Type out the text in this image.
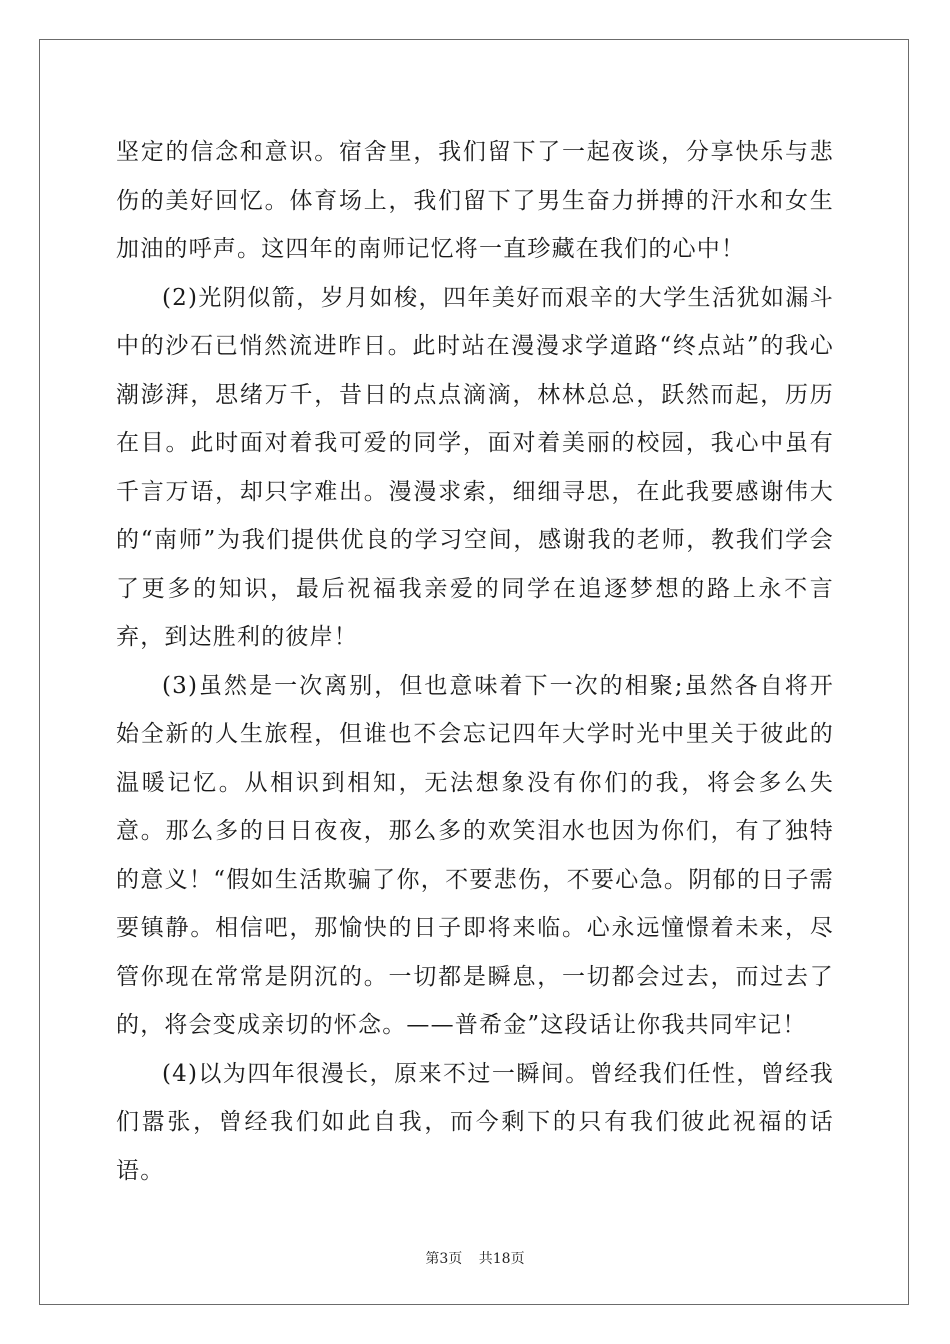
坚定的信念和意识。宿舍里，我们留下了一起夜谈，分享快乐与悲伤的美好回忆。体育场上，我们留下了男生奋力拼搏的汗水和女生加油的呼声。这四年的南师记忆将一直珍藏在我们的心中！

(2)光阴似箭，岁月如梭，四年美好而艰辛的大学生活犹如漏斗中的沙石已悄然流进昨日。此时站在漫漫求学道路“终点站”的我心潮澎湃，思绪万千，昔日的点点滴滴，林林总总，跃然而起，历历在目。此时面对着我可爱的同学，面对着美丽的校园，我心中虽有千言万语，却只字难出。漫漫求索，细细寻思，在此我要感谢伟大的“南师”为我们提供优良的学习空间，感谢我的老师，教我们学会了更多的知识，最后祝福我亲爱的同学在追逐梦想的路上永不言弃，到达胜利的彼岸！

(3)虽然是一次离别，但也意味着下一次的相聚;虽然各自将开始全新的人生旅程，但谁也不会忘记四年大学时光中里关于彼此的温暖记忆。从相识到相知，无法想象没有你们的我，将会多么失意。那么多的日日夜夜，那么多的欢笑泪水也因为你们，有了独特的意义！“假如生活欺骗了你，不要悲伤，不要心急。阴郁的日子需要镇静。相信吧，那愉快的日子即将来临。心永远憧憬着未来，尽管你现在常常是阴沉的。一切都是瞬息，一切都会过去，而过去了的，将会变成亲切的怀念。——普希金”这段话让你我共同牢记！

(4)以为四年很漫长，原来不过一瞬间。曾经我们任性，曾经我们嚣张，曾经我们如此自我，而今剩下的只有我们彼此祝福的话语。

第3页 共18页
